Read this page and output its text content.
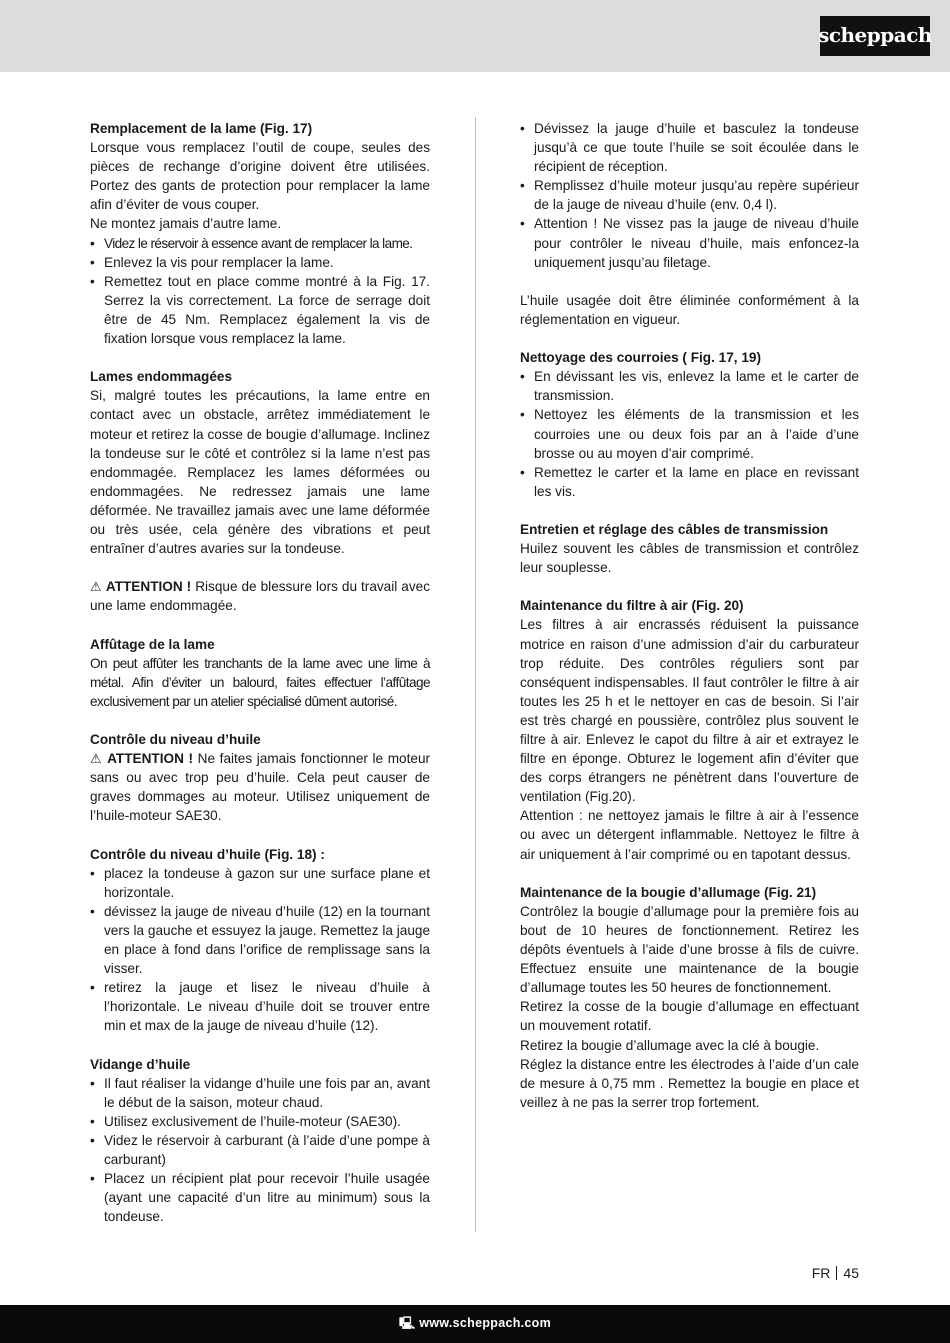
scheppach
Remplacement de la lame (Fig. 17)

Lorsque vous remplacez l’outil de coupe, seules des pièces de rechange d’origine doivent être utilisées. Portez des gants de protection pour remplacer la lame afin d’éviter de vous couper.

Ne montez jamais d’autre lame.

• Videz le réservoir à essence avant de remplacer la lame.
• Enlevez la vis pour remplacer la lame.
• Remettez tout en place comme montré à la Fig. 17. Serrez la vis correctement. La force de serrage doit être de 45 Nm. Remplacez également la vis de fixation lorsque vous remplacez la lame.
Lames endommagées

Si, malgré toutes les précautions, la lame entre en contact avec un obstacle, arrêtez immédiatement le moteur et retirez la cosse de bougie d’allumage. Inclinez la tondeuse sur le côté et contrôlez si la lame n’est pas endommagée. Remplacez les lames déformées ou endommagées. Ne redressez jamais une lame déformée. Ne travaillez jamais avec une lame déformée ou très usée, cela génère des vibrations et peut entraîner d’autres avaries sur la tondeuse.

⚠ ATTENTION ! Risque de blessure lors du travail avec une lame endommagée.

Affûtage de la lame

On peut affûter les tranchants de la lame avec une lime à métal. Afin d’éviter un balourd, faites effectuer l’affûtage exclusivement par un atelier spécialisé dûment autorisé.

Contrôle du niveau d’huile

⚠ ATTENTION ! Ne faites jamais fonctionner le moteur sans ou avec trop peu d’huile. Cela peut causer de graves dommages au moteur. Utilisez uniquement de l’huile-moteur SAE30.

Contrôle du niveau d’huile (Fig. 18) :
• placez la tondeuse à gazon sur une surface plane et horizontale.
• dévissez la jauge de niveau d’huile (12) en la tournant vers la gauche et essuyez la jauge. Remettez la jauge en place à fond dans l’orifice de remplissage sans la visser.
• retirez la jauge et lisez le niveau d’huile à l’horizontale. Le niveau d’huile doit se trouver entre min et max de la jauge de niveau d’huile (12).
Vidange d’huile
• Il faut réaliser la vidange d’huile une fois par an, avant le début de la saison, moteur chaud.
• Utilisez exclusivement de l’huile-moteur (SAE30).
• Videz le réservoir à carburant (à l’aide d’une pompe à carburant)
• Placez un récipient plat pour recevoir l’huile usagée (ayant une capacité d’un litre au minimum) sous la tondeuse.
• Dévissez la jauge d’huile et basculez la tondeuse jusqu’à ce que toute l’huile se soit écoulée dans le récipient de réception.
• Remplissez d’huile moteur jusqu’au repère supérieur de la jauge de niveau d’huile (env. 0,4 l).
• Attention ! Ne vissez pas la jauge de niveau d’huile pour contrôler le niveau d’huile, mais enfoncez-la uniquement jusqu’au filetage.

L’huile usagée doit être éliminée conformément à la réglementation en vigueur.

Nettoyage des courroies ( Fig. 17, 19)
• En dévissant les vis, enlevez la lame et le carter de transmission.
• Nettoyez les éléments de la transmission et les courroies une ou deux fois par an à l’aide d’une brosse ou au moyen d’air comprimé.
• Remettez le carter et la lame en place en revissant les vis.
Entretien et réglage des câbles de transmission

Huilez souvent les câbles de transmission et contrôlez leur souplesse.

Maintenance du filtre à air (Fig. 20)

Les filtres à air encrassés réduisent la puissance motrice en raison d’une admission d’air du carburateur trop réduite. Des contrôles réguliers sont par conséquent indispensables. Il faut contrôler le filtre à air toutes les 25 h et le nettoyer en cas de besoin. Si l’air est très chargé en poussière, contrôlez plus souvent le filtre à air. Enlevez le capot du filtre à air et extrayez le filtre en éponge. Obturez le logement afin d’éviter que des corps étrangers ne pénètrent dans l’ouverture de ventilation (Fig.20).

Attention : ne nettoyez jamais le filtre à air à l’essence ou avec un détergent inflammable. Nettoyez le filtre à air uniquement à l’air comprimé ou en tapotant dessus.

Maintenance de la bougie d’allumage (Fig. 21)

Contrôlez la bougie d’allumage pour la première fois au bout de 10 heures de fonctionnement. Retirez les dépôts éventuels à l’aide d’une brosse à fils de cuivre. Effectuez ensuite une maintenance de la bougie d’allumage toutes les 50 heures de fonctionnement.

Retirez la cosse de la bougie d’allumage en effectuant un mouvement rotatif.

Retirez la bougie d’allumage avec la clé à bougie.

Réglez la distance entre les électrodes à l’aide d’un cale de mesure à 0,75 mm . Remettez la bougie en place et veillez à ne pas la serrer trop fortement.

FR 45
🖳 www.scheppach.com
